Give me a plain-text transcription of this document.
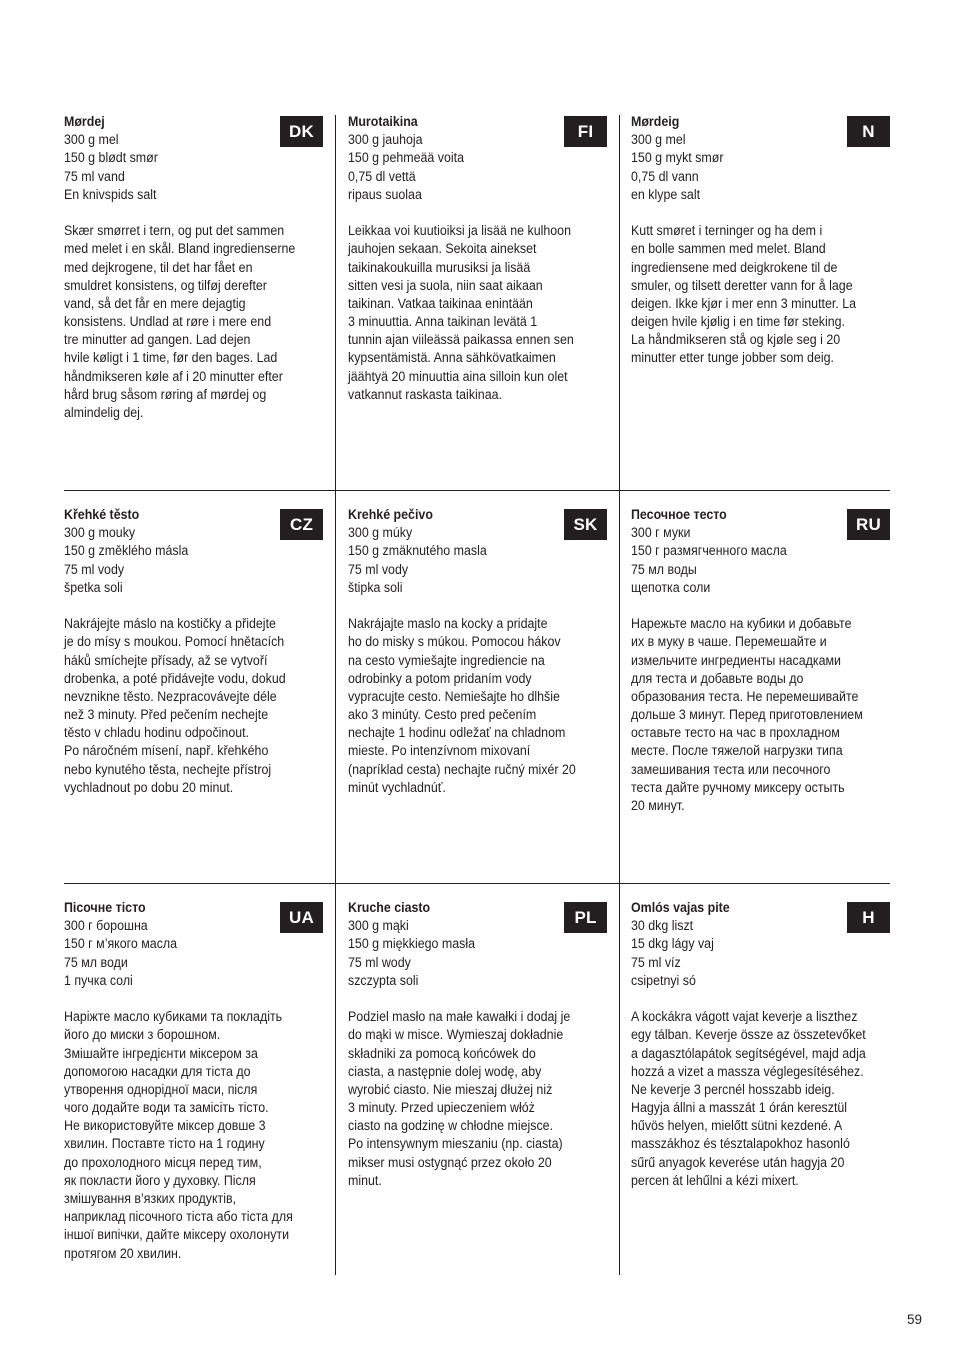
Mørdej
300 g mel
150 g blødt smør
75 ml vand
En knivspids salt
Skær smørret i tern, og put det sammen
med melet i en skål. Bland ingredienserne
med dejkrogene, til det har fået en
smuldret konsistens, og tilføj derefter
vand, så det får en mere dejagtig
konsistens. Undlad at røre i mere end
tre minutter ad gangen. Lad dejen
hvile køligt i 1 time, før den bages. Lad
håndmikseren køle af i 20 minutter efter
hård brug såsom røring af mørdej og
almindelig dej.
DK
Murotaikina
300 g jauhoja
150 g pehmeää voita
0,75 dl vettä
ripaus suolaa
Leikkaa voi kuutioiksi ja lisää ne kulhoon
jauhojen sekaan. Sekoita ainekset
taikinakoukuilla murusiksi ja lisää
sitten vesi ja suola, niin saat aikaan
taikinan. Vatkaa taikinaa enintään
3 minuuttia. Anna taikinan levätä 1
tunnin ajan viileässä paikassa ennen sen
kypsentämistä. Anna sähkövatkaimen
jäähtyä 20 minuuttia aina silloin kun olet
vatkannut raskasta taikinaa.
FI
Mørdeig
300 g mel
150 g mykt smør
0,75 dl vann
en klype salt
Kutt smøret i terninger og ha dem i
en bolle sammen med melet. Bland
ingrediensene med deigkrokene til de
smuler, og tilsett deretter vann for å lage
deigen. Ikke kjør i mer enn 3 minutter. La
deigen hvile kjølig i en time før steking.
La håndmikseren stå og kjøle seg i 20
minutter etter tunge jobber som deig.
N
Křehké těsto
300 g mouky
150 g změklého másla
75 ml vody
špetka soli
Nakrájejte máslo na kostičky a přidejte
je do mísy s moukou. Pomocí hnětacích
háků smíchejte přísady, až se vytvoří
drobenka, a poté přidávejte vodu, dokud
nevznikne těsto. Nezpracovávejte déle
než 3 minuty. Před pečením nechejte
těsto v chladu hodinu odpočinout.
Po náročném mísení, např. křehkého
nebo kynutého těsta, nechejte přístroj
vychladnout po dobu 20 minut.
CZ
Krehké pečivo
300 g múky
150 g zmäknutého masla
75 ml vody
štipka soli
Nakrájajte maslo na kocky a pridajte
ho do misky s múkou. Pomocou hákov
na cesto vymiešajte ingrediencie na
odrobinky a potom pridaním vody
vypracujte cesto. Nemiešajte ho dlhšie
ako 3 minúty. Cesto pred pečením
nechajte 1 hodinu odležať na chladnom
mieste. Po intenzívnom mixovaní
(napríklad cesta) nechajte ručný mixér 20
minút vychladnúť.
SK
Песочное тесто
300 г муки
150 г размягченного масла
75 мл воды
щепотка соли
Нарежьте масло на кубики и добавьте
их в муку в чаше. Перемешайте и
измельчите ингредиенты насадками
для теста и добавьте воды до
образования теста. Не перемешивайте
дольше 3 минут. Перед приготовлением
оставьте тесто на час в прохладном
месте. После тяжелой нагрузки типа
замешивания теста или песочного
теста дайте ручному миксеру остыть
20 минут.
RU
Пісочне тісто
300 г борошна
150 г м’якого масла
75 мл води
1 пучка солі
Наріжте масло кубиками та покладіть
його до миски з борошном.
Змішайте інгредієнти міксером за
допомогою насадки для тіста до
утворення однорідної маси, після
чого додайте води та замісіть тісто.
Не використовуйте міксер довше 3
хвилин. Поставте тісто на 1 годину
до прохолодного місця перед тим,
як покласти його у духовку. Після
змішування в’язких продуктів,
наприклад пісочного тіста або тіста для
іншої випічки, дайте міксеру охолонути
протягом 20 хвилин.
UA
Kruche ciasto
300 g mąki
150 g miękkiego masła
75 ml wody
szczypta soli
Podziel masło na małe kawałki i dodaj je
do mąki w misce. Wymieszaj dokładnie
składniki za pomocą końcówek do
ciasta, a następnie dolej wodę, aby
wyrobić ciasto. Nie mieszaj dłużej niż
3 minuty. Przed upieczeniem włóż
ciasto na godzinę w chłodne miejsce.
Po intensywnym mieszaniu (np. ciasta)
mikser musi ostygnąć przez około 20
minut.
PL
Omlós vajas pite
30 dkg liszt
15 dkg lágy vaj
75 ml víz
csipetnyi só
A kockákra vágott vajat keverje a liszthez
egy tálban. Keverje össze az összetevőket
a dagasztólapátok segítségével, majd adja
hozzá a vizet a massza véglegesítéséhez.
Ne keverje 3 percnél hosszabb ideig.
Hagyja állni a masszát 1 órán keresztül
hűvös helyen, mielőtt sütni kezdené. A
masszákhoz és tésztalapokhoz hasonló
sűrű anyagok keverése után hagyja 20
percen át lehűlni a kézi mixert.
H
59
